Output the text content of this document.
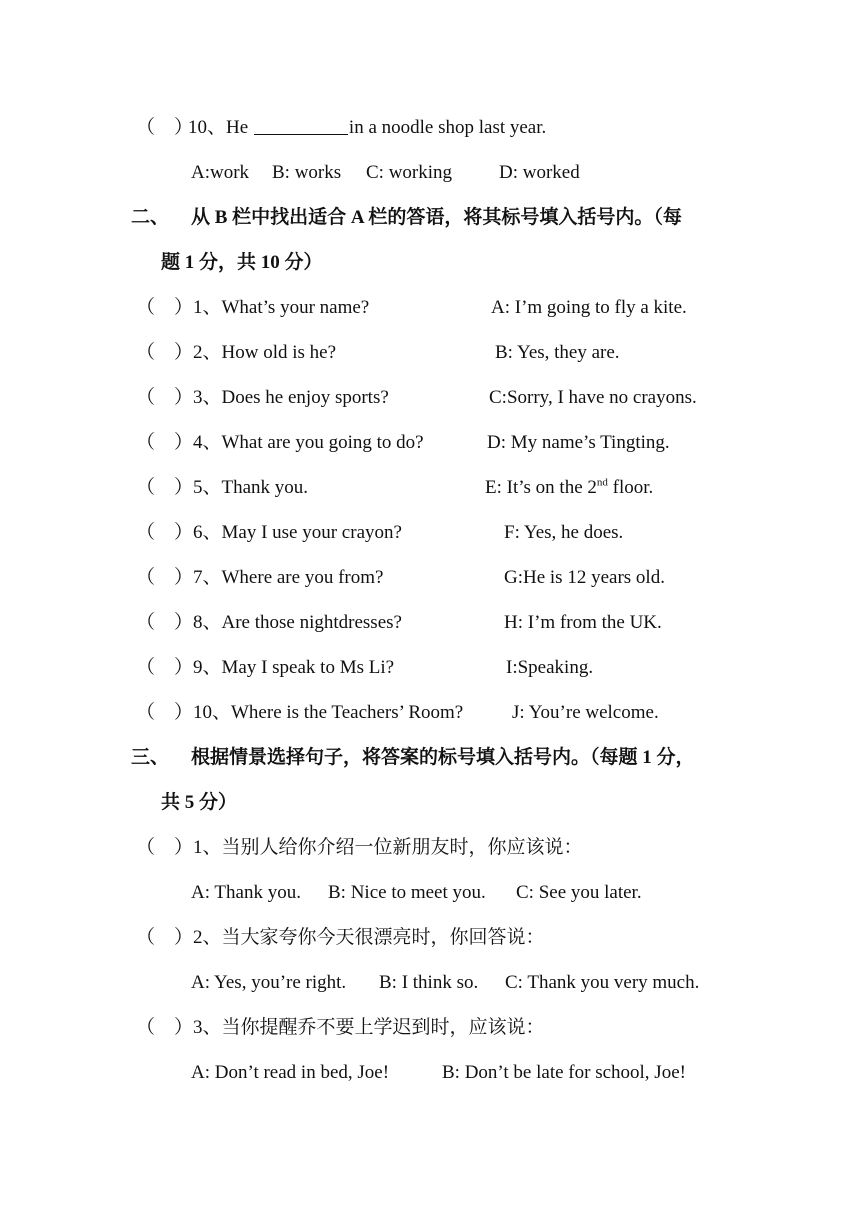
（　）10、He	in a noodle shop last year.
A:work B: works C: working D: worked
二、 从 B 栏中找出适合 A 栏的答语，将其标号填入括号内。（每
题 1 分，共 10 分）
（　）1、What’s your name?	A: I’m going to fly a kite.
（　）2、How old is he?	B: Yes, they are.
（　）3、Does he enjoy sports?	C:Sorry, I have no crayons.
（　）4、What are you going to do?	D: My name’s Tingting.
（　）5、Thank you.	E: It’s on the 2nd floor.
（　）6、May I use your crayon?	F: Yes, he does.
（　）7、Where are you from?	G:He is 12 years old.
（　）8、Are those nightdresses?	H: I’m from the UK.
（　）9、May I speak to Ms Li?	I:Speaking.
（　）10、Where is the Teachers’ Room?	J: You’re welcome.
三、 根据情景选择句子，将答案的标号填入括号内。（每题 1 分，
共 5 分）
（　）1、当别人给你介绍一位新朋友时，你应该说：
A: Thank you. B: Nice to meet you. C: See you later.
（　）2、当大家夸你今天很漂亮时，你回答说：
A: Yes, you’re right. B: I think so. C: Thank you very much.
（　）3、当你提醒乔不要上学迟到时，应该说：
A: Don’t read in bed, Joe!	B: Don’t be late for school, Joe!
